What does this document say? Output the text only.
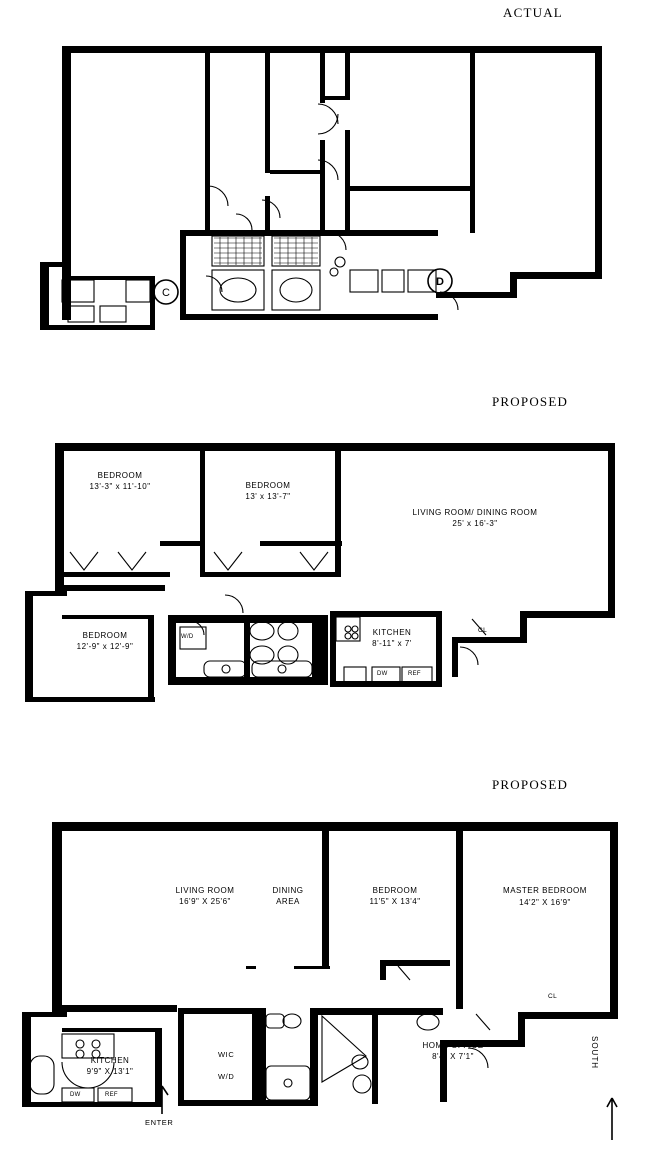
ACTUAL
C
D
PROPOSED
BEDROOM
13'-3" x 11'-10"	BEDROOM
13' x 13'-7"
LIVING ROOM/ DINING ROOM
25' x 16'-3"
BEDROOM
12'-9" x 12'-9"
KITCHEN
8'-11" x 7'
CL	CL	CL	CL
CL
W/D
DW	REF
PROPOSED
LIVING ROOM
16'9" X 25'6"
DINING
AREA
BEDROOM
11'5" X 13'4"
MASTER BEDROOM
14'2" X 16'9"
KITCHEN
9'9" X 13'1"
HOME OFFICE
8'4" X 7'1"
CL
CL
WIC
W/D
DW	REF
ENTER
SOUTH
